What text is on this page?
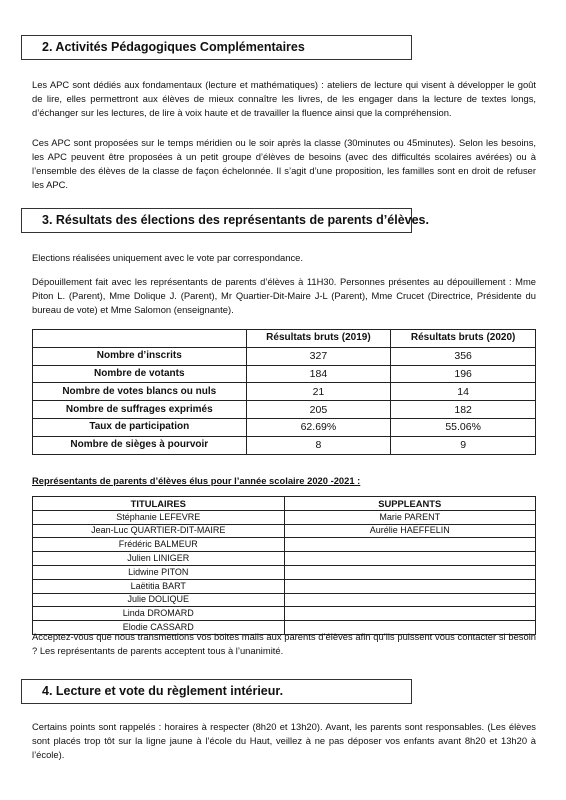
2. Activités Pédagogiques Complémentaires

Les APC sont dédiés aux fondamentaux (lecture et mathématiques) : ateliers de lecture qui visent à développer le goût de lire, elles permettront aux élèves de mieux connaître les livres, de les engager dans la lecture de textes longs, d’échanger sur les lectures, de lire à voix haute et de travailler la fluence ainsi que la compréhension.

Ces APC sont proposées sur le temps méridien ou le soir après la classe (30minutes ou 45minutes). Selon les besoins, les APC peuvent être proposées à un petit groupe d’élèves de besoins (avec des difficultés scolaires avérées) ou à l’ensemble des élèves de la classe de façon échelonnée. Il s’agit d’une proposition, les familles sont en droit de refuser les APC.

3. Résultats des élections des représentants de parents d’élèves.

Elections réalisées uniquement avec le vote par correspondance.

Dépouillement fait avec les représentants de parents d’élèves à 11H30. Personnes présentes au dépouillement : Mme Piton L. (Parent), Mme Dolique J. (Parent), Mr Quartier-Dit-Maire J-L (Parent), Mme Crucet (Directrice, Présidente du bureau de vote) et Mme Salomon (enseignante).

	Résultats bruts (2019)	Résultats bruts (2020)
Nombre d’inscrits	327	356
Nombre de votants	184	196
Nombre de votes blancs ou nuls	21	14
Nombre de suffrages exprimés	205	182
Taux de participation	62.69%	55.06%
Nombre de sièges à pourvoir	8	9
Représentants de parents d’élèves élus pour l’année scolaire 2020 -2021 :
TITULAIRES	SUPPLEANTS
Stéphanie LEFEVRE	Marie PARENT
Jean-Luc QUARTIER-DIT-MAIRE	Aurélie HAEFFELIN
Frédéric BALMEUR	
Julien LINIGER	
Lidwine PITON	
Laëtitia BART	
Julie DOLIQUE	
Linda DROMARD	
Elodie CASSARD	

Acceptez-vous que nous transmettions vos boites mails aux parents d’élèves afin qu’ils puissent vous contacter si besoin ? Les représentants de parents acceptent tous à l’unanimité.

4. Lecture et vote du règlement intérieur.

Certains points sont rappelés : horaires à respecter (8h20 et 13h20). Avant, les parents sont responsables. (Les élèves sont placés trop tôt sur la ligne jaune à l’école du Haut, veillez à ne pas déposer vos enfants avant 8h20 et 13h20 à l’école).
